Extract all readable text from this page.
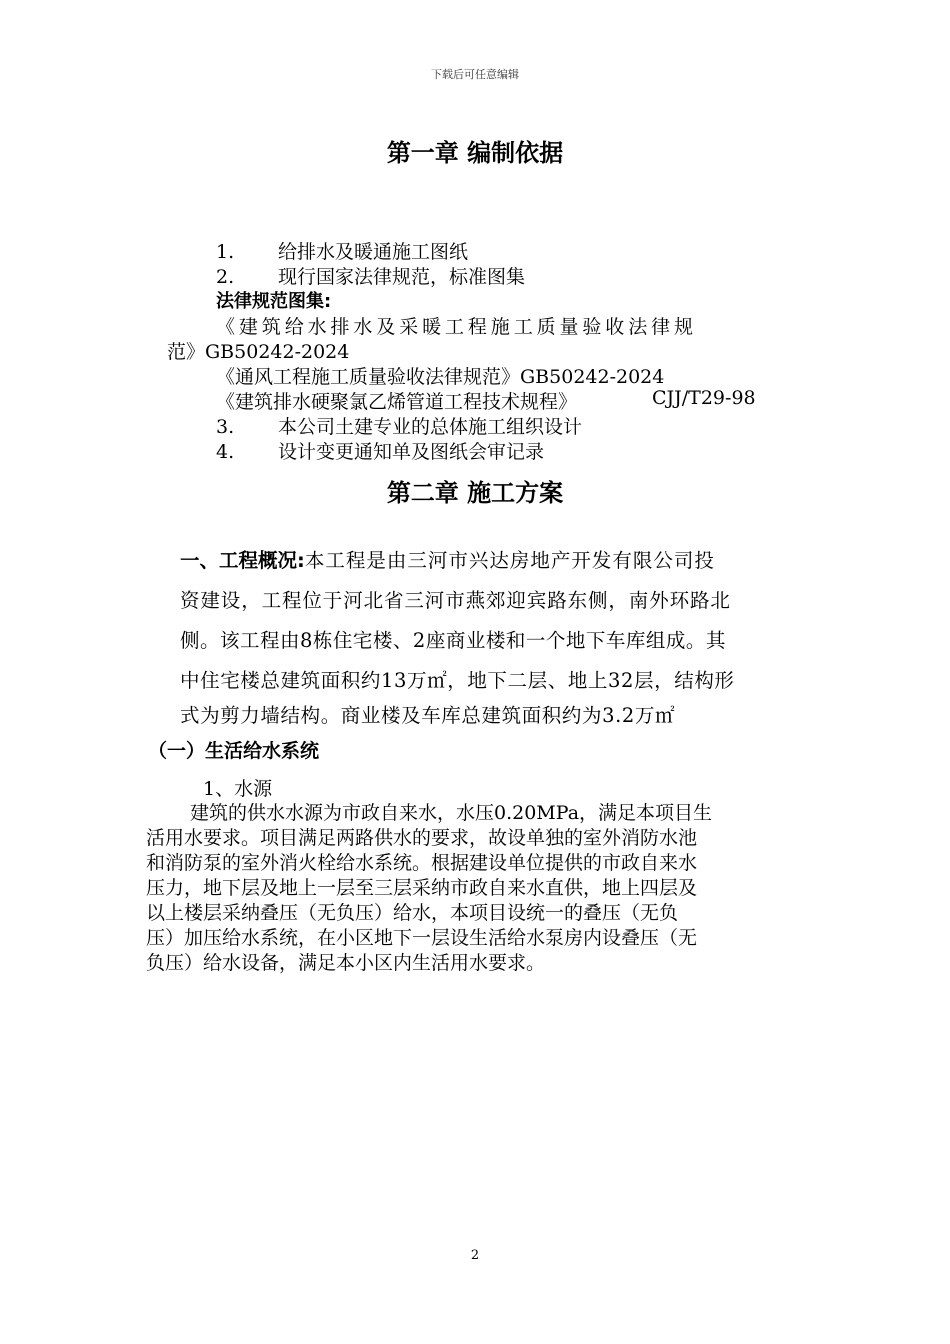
下载后可任意编辑
第一章 编制依据
1. 给排水及暖通施工图纸
2. 现行国家法律规范，标准图集
法律规范图集:
《建筑给水排水及采暖工程施工质量验收法律规
范》GB50242-2024
《通风工程施工质量验收法律规范》GB50242-2024
《建筑排水硬聚氯乙烯管道工程技术规程》	CJJ/T29-98
3. 本公司土建专业的总体施工组织设计
4. 设计变更通知单及图纸会审记录
第二章 施工方案
一、工程概况:本工程是由三河市兴达房地产开发有限公司投
资建设，工程位于河北省三河市燕郊迎宾路东侧，南外环路北
侧。该工程由8栋住宅楼、2座商业楼和一个地下车库组成。其
中住宅楼总建筑面积约13万㎡，地下二层、地上32层，结构形
式为剪力墙结构。商业楼及车库总建筑面积约为3.2万㎡
（一）生活给水系统
1、水源
建筑的供水水源为市政自来水，水压0.20MPa，满足本项目生
活用水要求。项目满足两路供水的要求，故设单独的室外消防水池
和消防泵的室外消火栓给水系统。根据建设单位提供的市政自来水
压力，地下层及地上一层至三层采纳市政自来水直供，地上四层及
以上楼层采纳叠压（无负压）给水，本项目设统一的叠压（无负
压）加压给水系统，在小区地下一层设生活给水泵房内设叠压（无
负压）给水设备，满足本小区内生活用水要求。
2
